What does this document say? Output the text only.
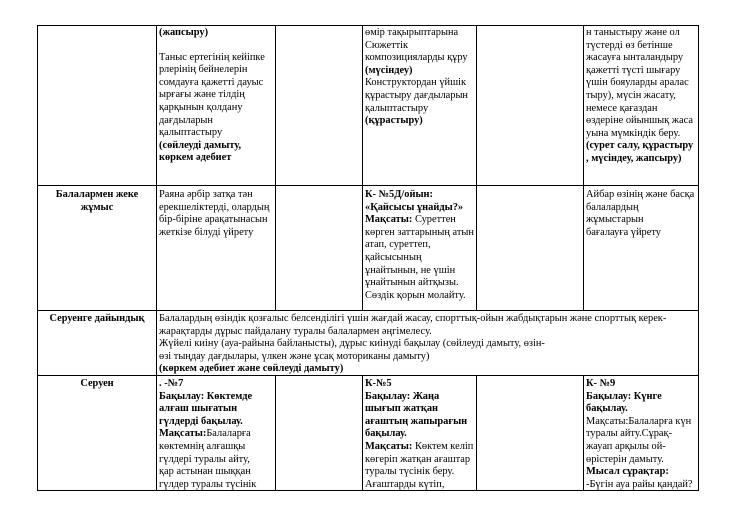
(жапсыру)

Таныс ертегінің кейіпке
рлерінің бейнелерін
сомдауға қажетті дауыс
ырғағы және тілдің
қарқынын қолдану
дағдыларын
қалыптастыру

(сөйлеуді дамыту,
көркем әдебиет

өмір тақырыптарына
Сюжеттік
композицияларды құру

(мүсіндеу)

Конструктордан үйшік
құрастыру дағдыларын
қалыптастыру

(құрастыру)

н таныстыру және ол
түстерді өз бетінше
жасауға ынталандыру
қажетті түсті шығару
үшін бояуларды аралас
тыру), мүсін жасату,
немесе қағаздан
өздеріне ойыншық жаса
уына мүмкіндік беру.

(сурет салу, құрастыру
, мүсіндеу, жапсыру)

Балалармен жеке
жұмыс

Раяна әрбір затқа тән
ерекшеліктерді, олардың
бір-біріне арақатынасын
жеткізе білуді үйрету

К- №5Д/ойын:
«Қайсысы ұнайды?»

Мақсаты: Суреттен
көрген заттарының атын
атап, суреттеп,
қайсысының
ұнайтынын, не үшін
ұнайтынын айтқызы.
Сөздік қорын молайту.

Айбар өзінің және басқа
балалардың жұмыстарын
бағалауға үйрету

Серуенге дайындық	Балалардың өзіндік қозғалыс белсенділігі үшін жағдай жасау, спорттық-ойын жабдықтарын және спорттық керек-

жарақтарды дұрыс пайдалану туралы балалармен әңгімелесу.

Жүйелі киіну (ауа-райына байланысты), дұрыс киінуді бақылау (сөйлеуді дамыту, өзін-

өзі тыңдау дағдылары, үлкен және ұсақ моториканы дамыту)

(көркем әдебиет және сөйлеуді дамыту)

Серуен	. -№7

Бақылау: Көктемде
алғаш шығатын
гүлдерді бақылау.

Мақсаты:Балаларға
көктемнің алғашқы
гүлдері туралы айту,
қар астынан шыққан
гүлдер туралы түсінік

К-№5

Бақылау: Жаңа
шығып жатқан
ағаштың жапырағын
бақылау.

Мақсаты: Көктем келіп
көгеріп жатқан ағаштар
туралы түсінік беру.
Ағаштарды күтіп,

К- №9

Бақылау: Күнге
бақылау.

Мақсаты:Балаларға күн
туралы айту.Сұрақ-
жауап арқылы ой-
өрістерін дамыту.

Мысал сұрақтар:

-Бүгін ауа райы қандай?
